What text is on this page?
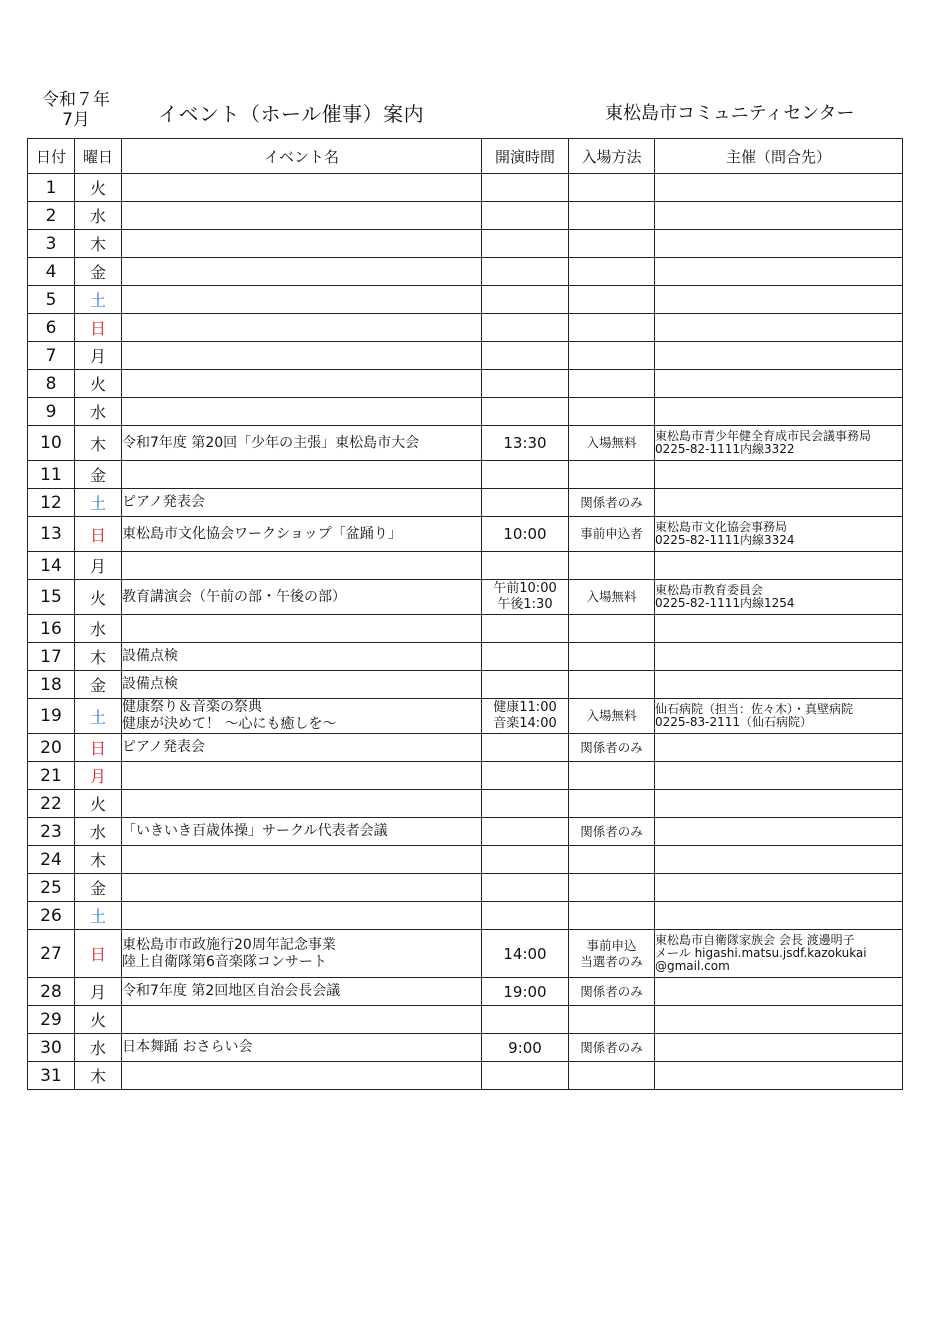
令和７年
7月	イベント（ホール催事）案内	東松島市コミュニティセンター
日付	曜日	イベント名	開演時間	入場方法	主催（問合先）
1	火				
2	水				
3	木				
4	金				
5	土				
6	日				
7	月				
8	火				
9	水				
10	木	令和7年度 第20回「少年の主張」東松島市大会	13:30	入場無料	東松島市青少年健全育成市民会議事務局
0225-82-1111内線3322

11	金				
12	土	ピアノ発表会		関係者のみ	

13	日	東松島市文化協会ワークショップ「盆踊り」	10:00	事前申込者	東松島市文化協会事務局
0225-82-1111内線3324

14	月				
15	火	教育講演会（午前の部・午後の部）	午前10:00
午後1:30	入場無料	東松島市教育委員会
0225-82-1111内線1254

16	水				
17	木	設備点検			

18	金	設備点検			

19	土	健康祭り＆音楽の祭典
健康が決めて！ ～心にも癒しを～	健康11:00
音楽14:00	入場無料	仙石病院（担当：佐々木）・真壁病院
0225-83-2111（仙石病院）

20	日	ピアノ発表会		関係者のみ	

21	月				
22	火				
23	水	「いきいき百歳体操」サークル代表者会議		関係者のみ	

24	木				
25	金				
26	土				
27	日	東松島市市政施行20周年記念事業
陸上自衛隊第6音楽隊コンサート	14:00	事前申込
当選者のみ	東松島市自衛隊家族会 会長 渡邊明子
メール higashi.matsu.jsdf.kazokukai
@gmail.com

28	月	令和7年度 第2回地区自治会長会議	19:00	関係者のみ	

29	火				
30	水	日本舞踊 おさらい会	9:00	関係者のみ	

31	木				
